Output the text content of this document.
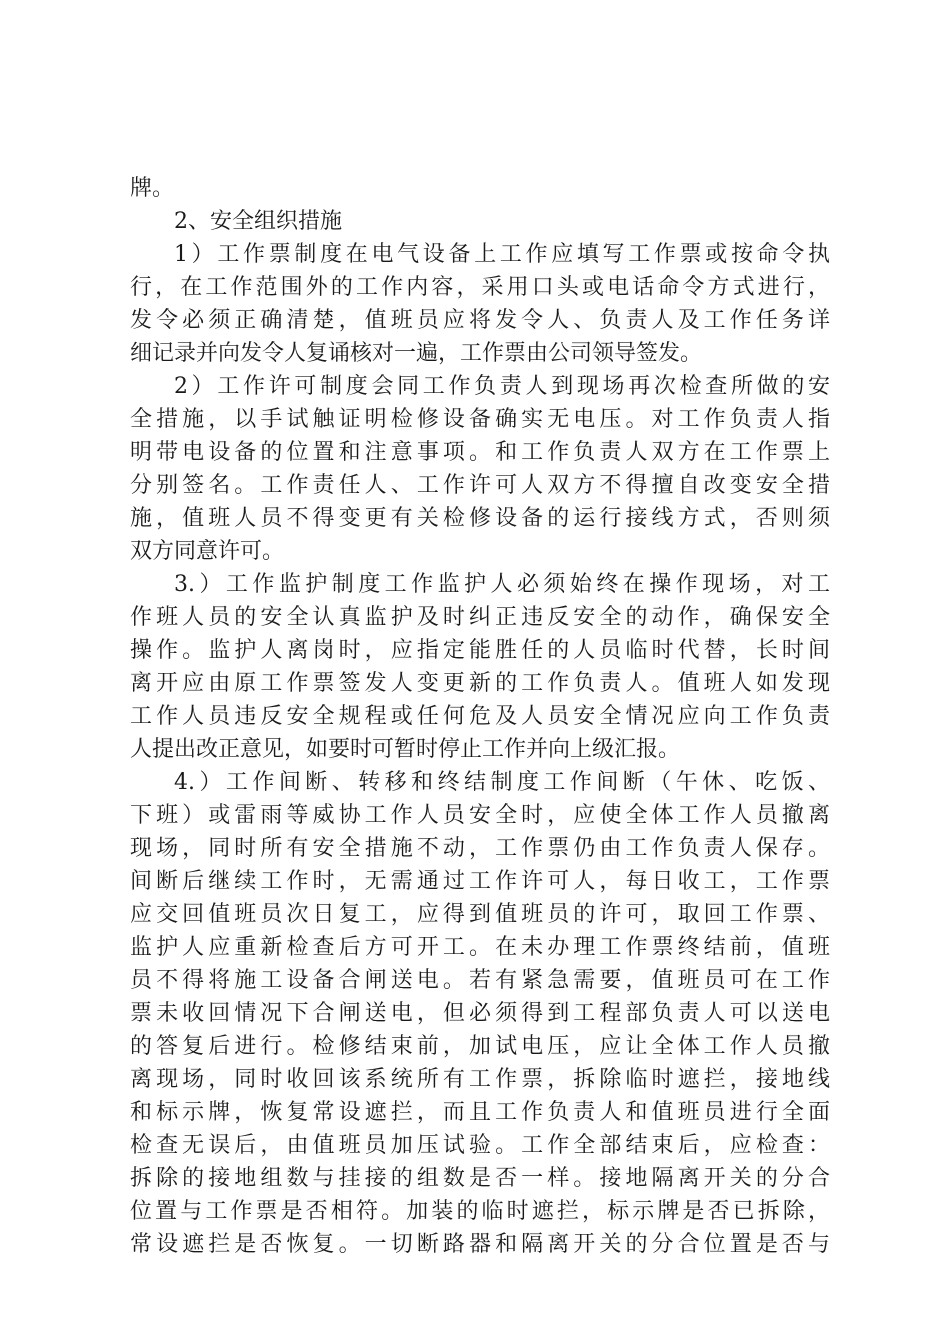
牌。
2、安全组织措施
1）工作票制度在电气设备上工作应填写工作票或按命令执
行，在工作范围外的工作内容，采用口头或电话命令方式进行，
发令必须正确清楚，值班员应将发令人、负责人及工作任务详
细记录并向发令人复诵核对一遍，工作票由公司领导签发。
2）工作许可制度会同工作负责人到现场再次检查所做的安
全措施，以手试触证明检修设备确实无电压。对工作负责人指
明带电设备的位置和注意事项。和工作负责人双方在工作票上
分别签名。工作责任人、工作许可人双方不得擅自改变安全措
施，值班人员不得变更有关检修设备的运行接线方式，否则须
双方同意许可。
3.）工作监护制度工作监护人必须始终在操作现场，对工
作班人员的安全认真监护及时纠正违反安全的动作，确保安全
操作。监护人离岗时，应指定能胜任的人员临时代替，长时间
离开应由原工作票签发人变更新的工作负责人。值班人如发现
工作人员违反安全规程或任何危及人员安全情况应向工作负责
人提出改正意见，如要时可暂时停止工作并向上级汇报。
4.）工作间断、转移和终结制度工作间断（午休、吃饭、
下班）或雷雨等威协工作人员安全时，应使全体工作人员撤离
现场，同时所有安全措施不动，工作票仍由工作负责人保存。
间断后继续工作时，无需通过工作许可人，每日收工，工作票
应交回值班员次日复工，应得到值班员的许可，取回工作票、
监护人应重新检查后方可开工。在未办理工作票终结前，值班
员不得将施工设备合闸送电。若有紧急需要，值班员可在工作
票未收回情况下合闸送电，但必须得到工程部负责人可以送电
的答复后进行。检修结束前，加试电压，应让全体工作人员撤
离现场，同时收回该系统所有工作票，拆除临时遮拦，接地线
和标示牌，恢复常设遮拦，而且工作负责人和值班员进行全面
检查无误后，由值班员加压试验。工作全部结束后，应检查：
拆除的接地组数与挂接的组数是否一样。接地隔离开关的分合
位置与工作票是否相符。加装的临时遮拦，标示牌是否已拆除，
常设遮拦是否恢复。一切断路器和隔离开关的分合位置是否与
